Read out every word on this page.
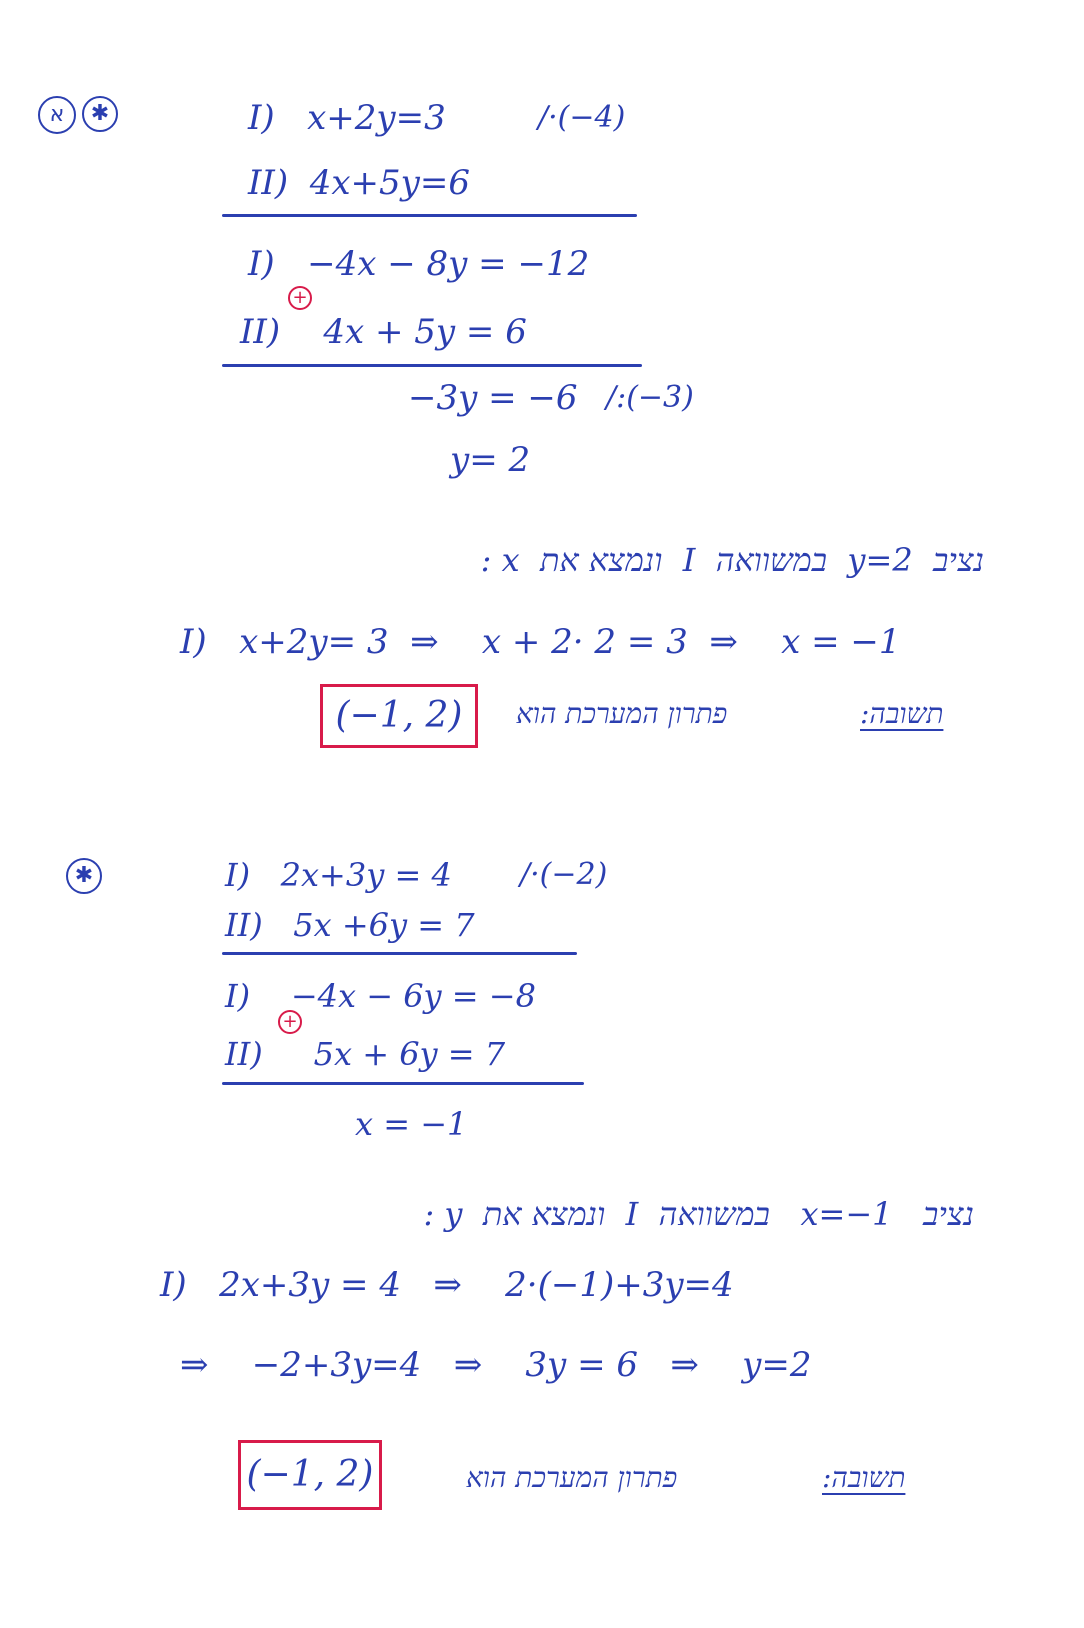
א	✱	I)   x+2y=3	/·(−4)
II)  4x+5y=6
I)   −4x − 8y = −12
+
II)    4x + 5y = 6
−3y = −6 /:(−3)
y= 2
נציב  y=2  במשוואה  I  ונמצא את  x :
I)   x+2y= 3  ⇒    x + 2· 2 = 3  ⇒    x = −1
(−1, 2)	פתרון המערכת הוא	תשובה:
✱	I)   2x+3y = 4 /·(−2)
II)   5x +6y = 7
I)    −4x − 6y = −8
+
II)     5x + 6y = 7
x = −1
נציב   x=−1   במשוואה  I  ונמצא את  y :
I)   2x+3y = 4   ⇒    2·(−1)+3y=4
⇒    −2+3y=4   ⇒    3y = 6   ⇒    y=2
(−1, 2)	פתרון המערכת הוא	תשובה:
